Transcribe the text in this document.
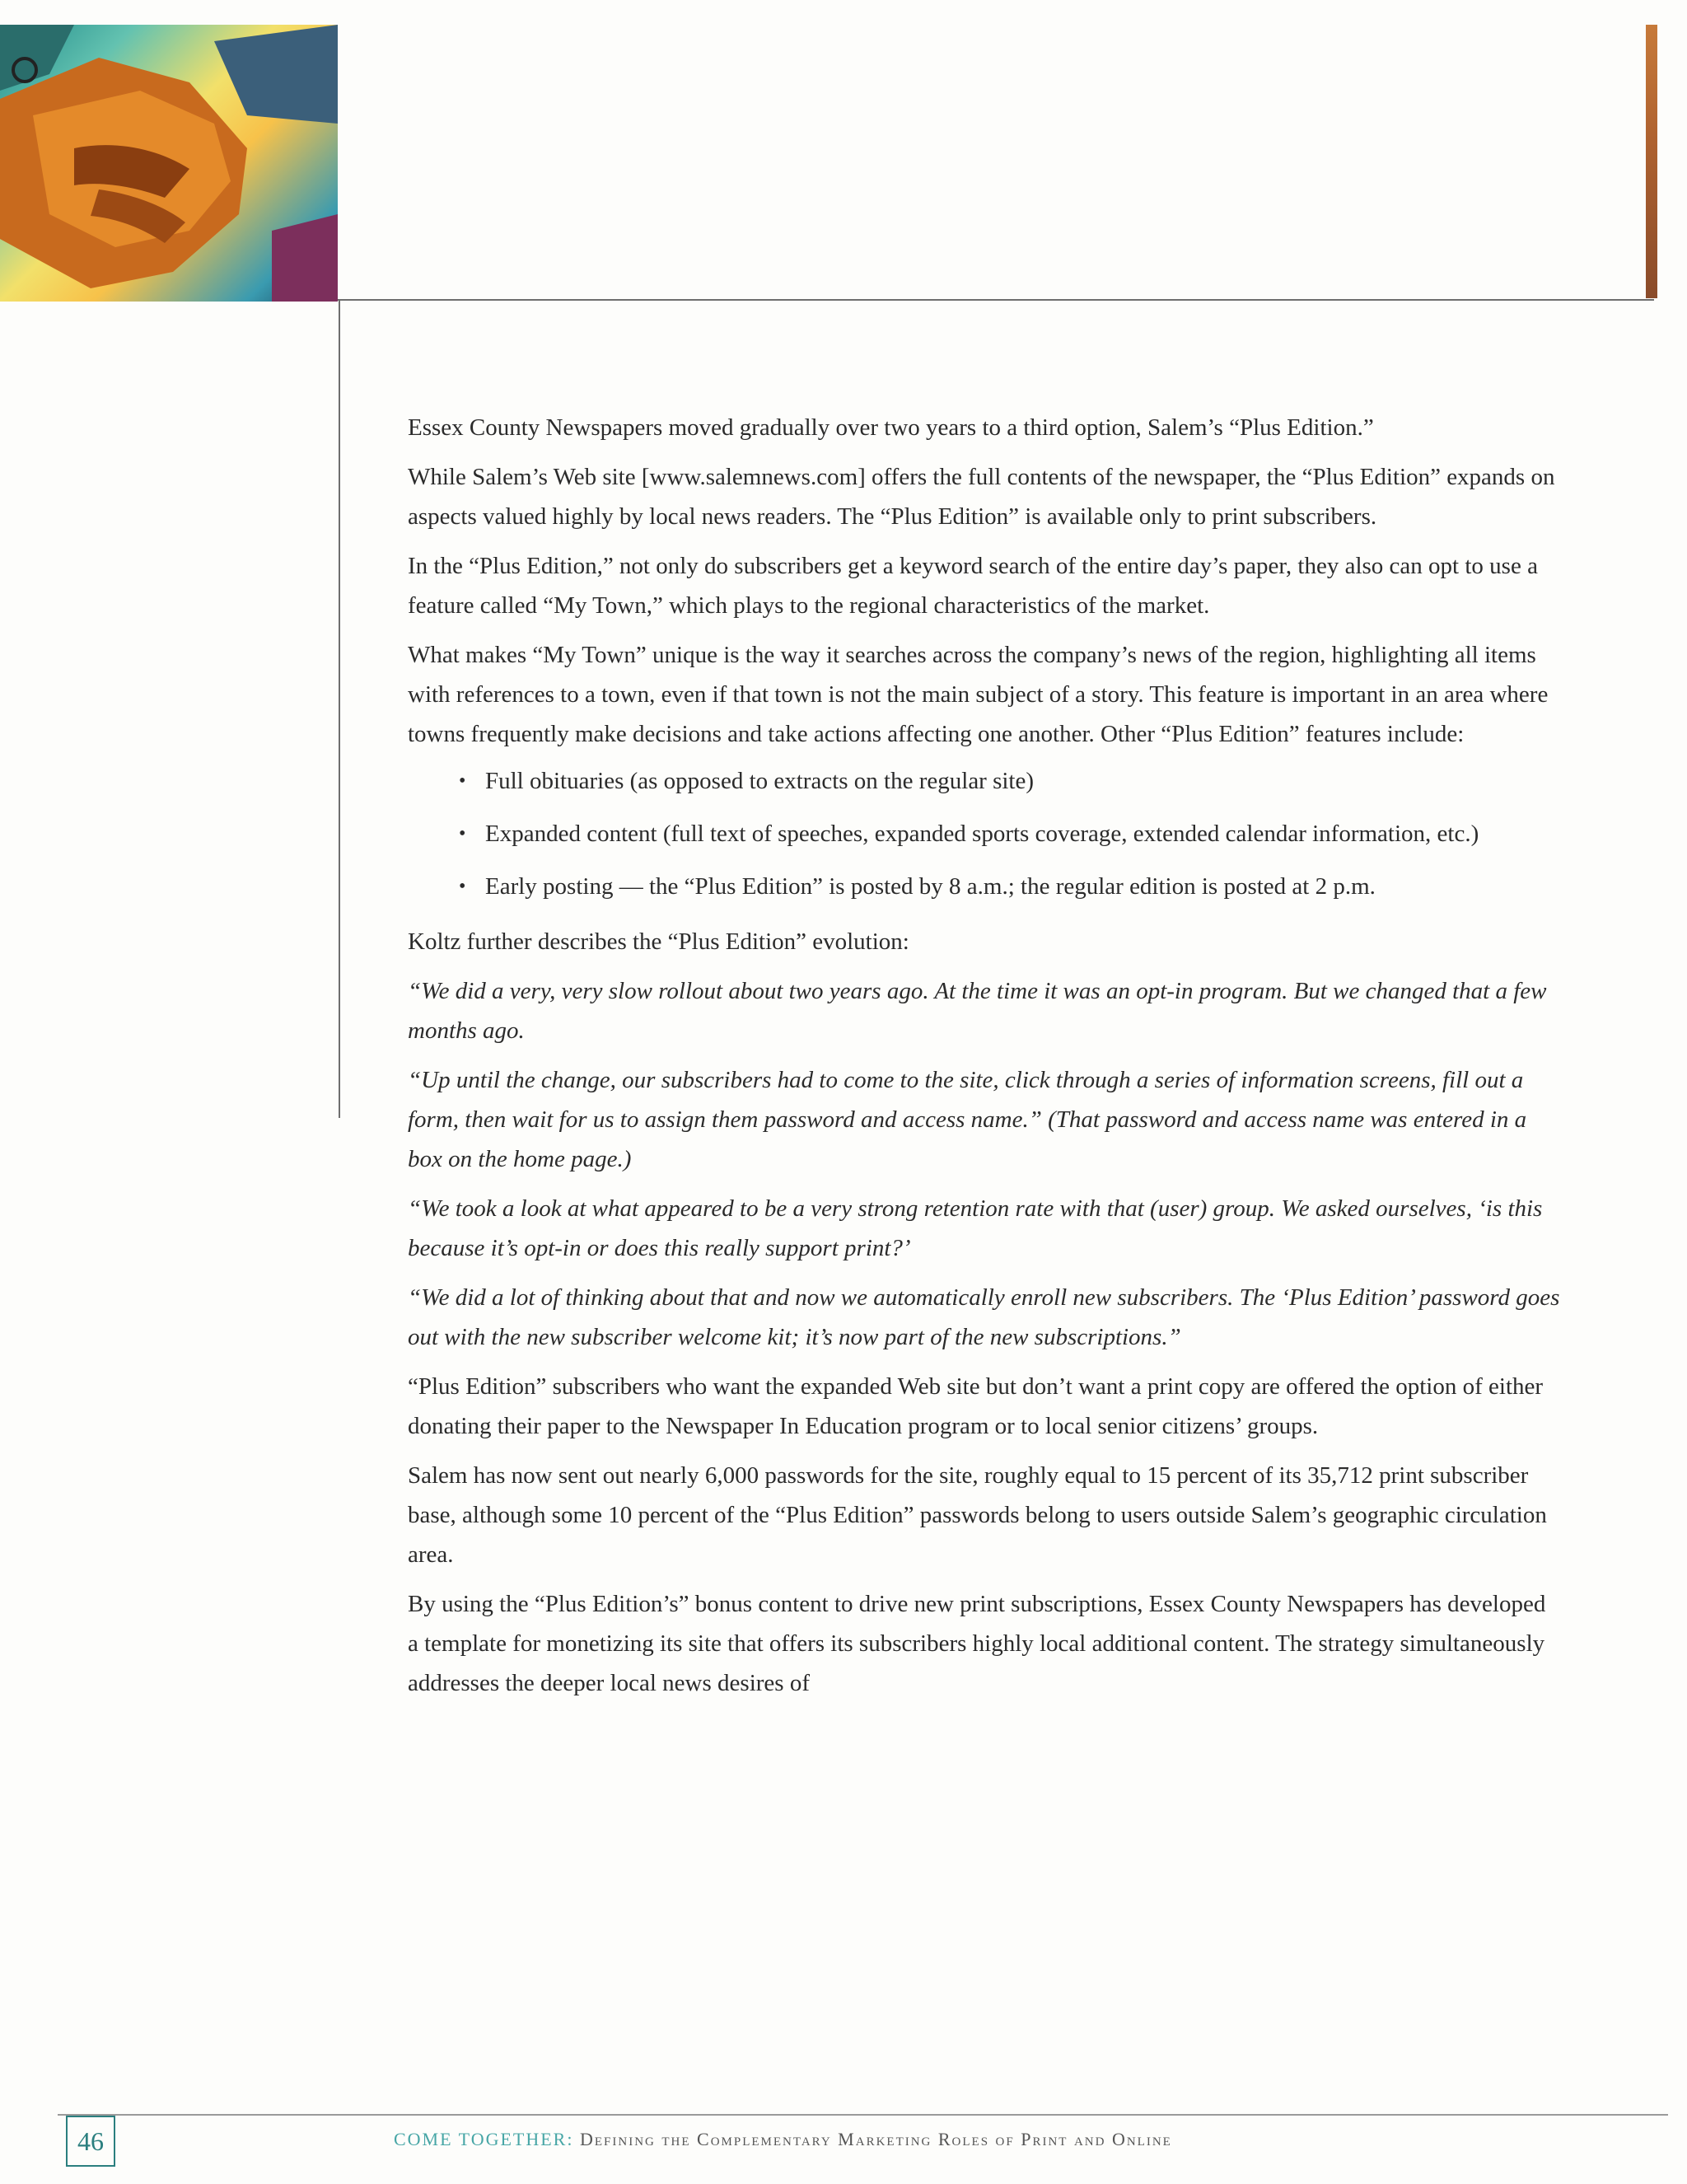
Essex County Newspapers moved gradually over two years to a third option, Salem’s “Plus Edition.”

While Salem’s Web site [www.salemnews.com] offers the full contents of the newspaper, the “Plus Edition” expands on aspects valued highly by local news readers. The “Plus Edition” is available only to print subscribers.

In the “Plus Edition,” not only do subscribers get a keyword search of the entire day’s paper, they also can opt to use a feature called “My Town,” which plays to the regional characteristics of the market.

What makes “My Town” unique is the way it searches across the company’s news of the region, highlighting all items with references to a town, even if that town is not the main subject of a story. This feature is important in an area where towns frequently make decisions and take actions affecting one another. Other “Plus Edition” features include:

• Full obituaries (as opposed to extracts on the regular site)
• Expanded content (full text of speeches, expanded sports coverage, extended calendar information, etc.)
• Early posting — the “Plus Edition” is posted by 8 a.m.; the regular edition is posted at 2 p.m.

Koltz further describes the “Plus Edition” evolution:

“We did a very, very slow rollout about two years ago. At the time it was an opt-in program. But we changed that a few months ago.

“Up until the change, our subscribers had to come to the site, click through a series of information screens, fill out a form, then wait for us to assign them password and access name.” (That password and access name was entered in a box on the home page.)

“We took a look at what appeared to be a very strong retention rate with that (user) group. We asked ourselves, ‘is this because it’s opt-in or does this really support print?’

“We did a lot of thinking about that and now we automatically enroll new subscribers. The ‘Plus Edition’ password goes out with the new subscriber welcome kit; it’s now part of the new subscriptions.”

“Plus Edition” subscribers who want the expanded Web site but don’t want a print copy are offered the option of either donating their paper to the Newspaper In Education program or to local senior citizens’ groups.

Salem has now sent out nearly 6,000 passwords for the site, roughly equal to 15 percent of its 35,712 print subscriber base, although some 10 percent of the “Plus Edition” passwords belong to users outside Salem’s geographic circulation area.

By using the “Plus Edition’s” bonus content to drive new print subscriptions, Essex County Newspapers has developed a template for monetizing its site that offers its subscribers highly local additional content. The strategy simultaneously addresses the deeper local news desires of

46	COME TOGETHER: Defining the Complementary Marketing Roles of Print and Online
